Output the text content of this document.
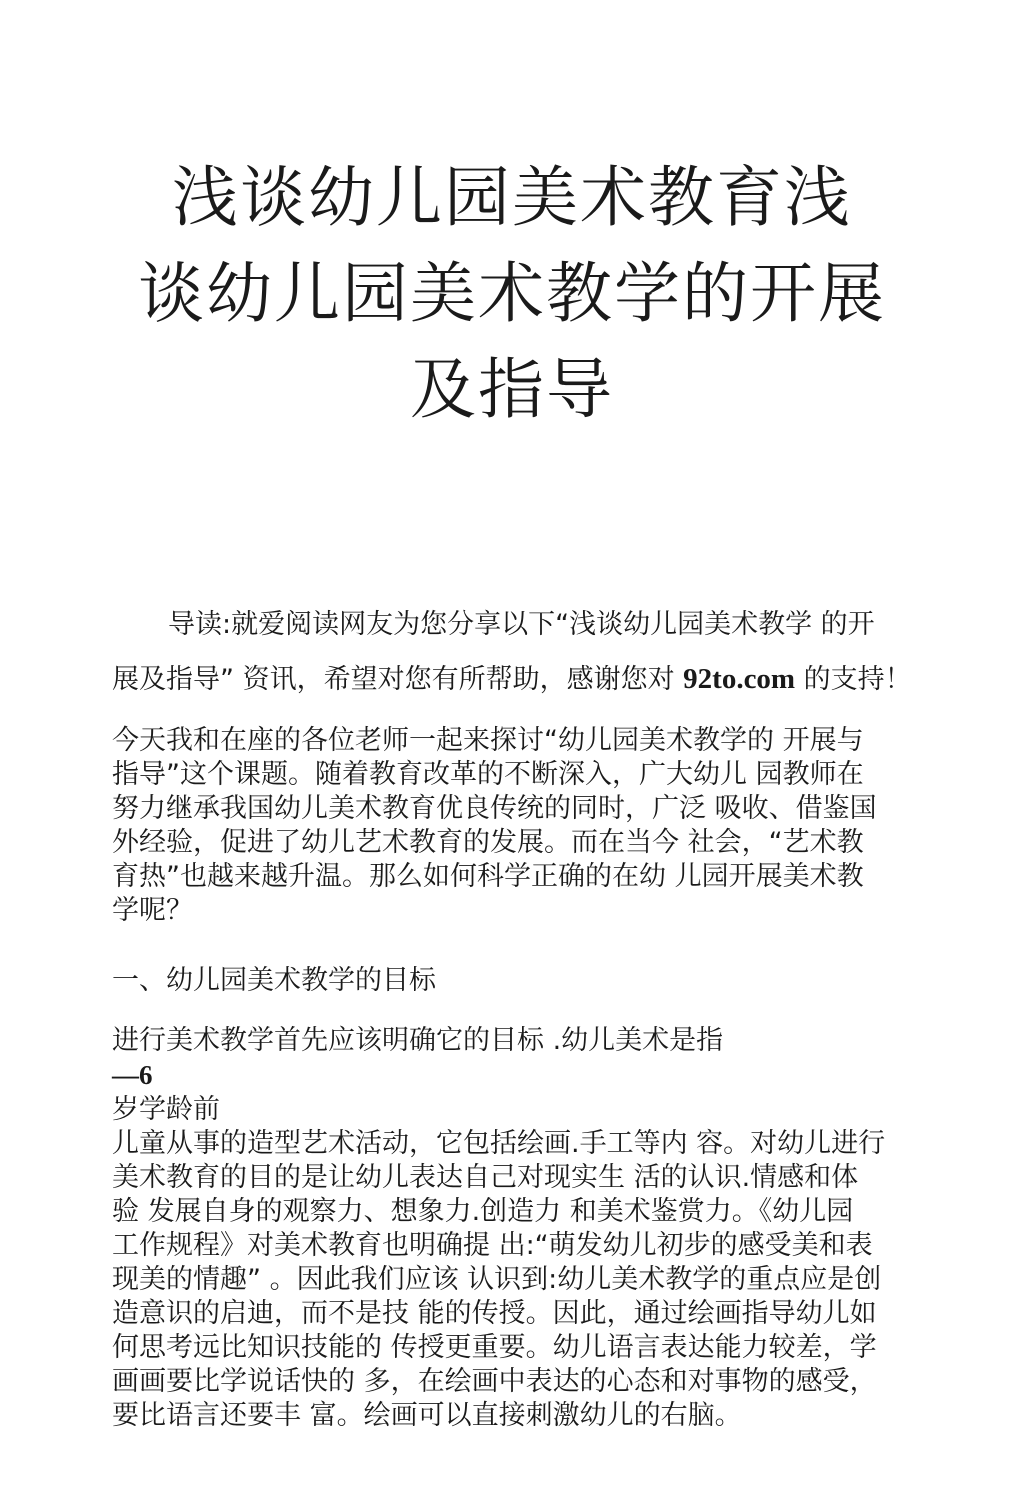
浅谈幼儿园美术教育浅
谈幼儿园美术教学的开展
及指导

导读:就爱阅读网友为您分享以下“浅谈幼儿园美术教学 的开
展及指导” 资讯，希望对您有所帮助，感谢您对 92to.com 的支持！

今天我和在座的各位老师一起来探讨“幼儿园美术教学的 开展与
指导”这个课题。随着教育改革的不断深入，广大幼儿 园教师在
努力继承我国幼儿美术教育优良传统的同时，广泛 吸收、借鉴国
外经验，促进了幼儿艺术教育的发展。而在当今 社会，“艺术教
育热”也越来越升温。那么如何科学正确的在幼 儿园开展美术教
学呢？

一、幼儿园美术教学的目标

进行美术教学首先应该明确它的目标 .幼儿美术是指
—6
岁学龄前
儿童从事的造型艺术活动，它包括绘画.手工等内 容。对幼儿进行
美术教育的目的是让幼儿表达自己对现实生 活的认识.情感和体
验 发展自身的观察力、想象力.创造力 和美术鉴赏力。《幼儿园
工作规程》对美术教育也明确提 出:“萌发幼儿初步的感受美和表
现美的情趣” 。因此我们应该 认识到:幼儿美术教学的重点应是创
造意识的启迪，而不是技 能的传授。因此，通过绘画指导幼儿如
何思考远比知识技能的 传授更重要。幼儿语言表达能力较差，学
画画要比学说话快的 多，在绘画中表达的心态和对事物的感受，
要比语言还要丰 富。绘画可以直接刺激幼儿的右脑。
